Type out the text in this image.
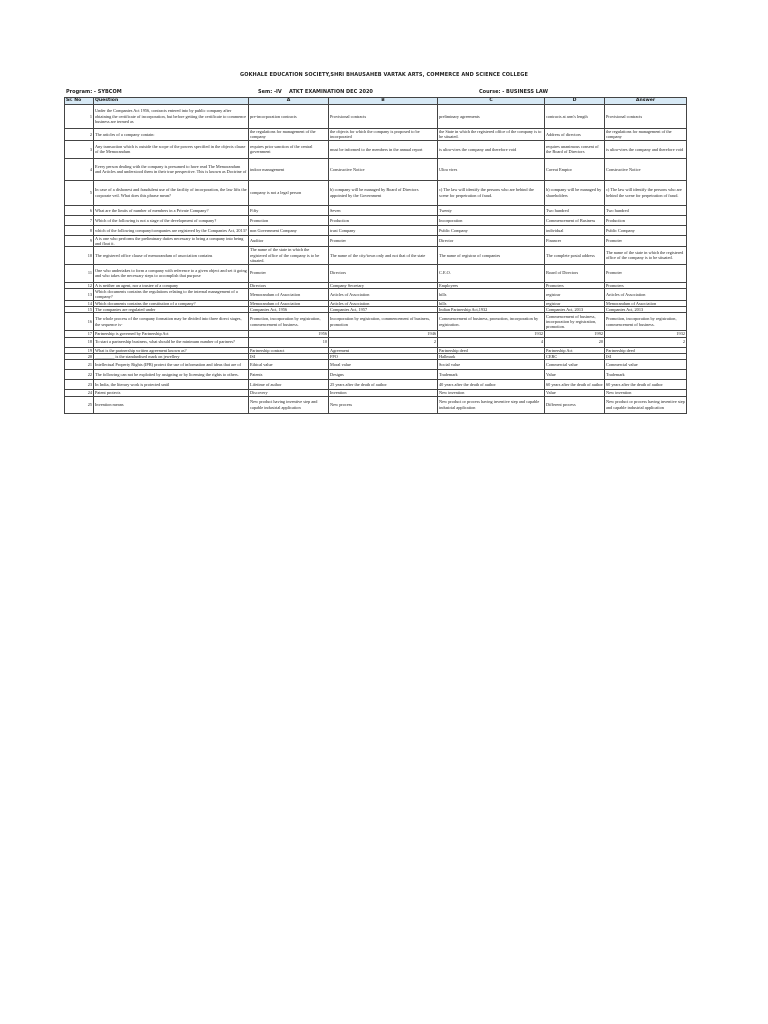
GOKHALE EDUCATION SOCIETY,SHRI BHAUSAHEB VARTAK ARTS, COMMERCE AND SCIENCE COLLEGE
Program: - SYBCOM	Sem: -IV ATKT EXAMINATION DEC 2020	Course: - BUSINESS LAW
Sr. No	Question	A	B	C	D	Answer
1	Under the Companies Act 1956, contracts entered into by public company after obtaining the certificate of incorporation, but before getting the certificate to commence business are termed as	pre-incorporation contracts	Provisional contracts	preliminary agreements	contracts at arm's length	Provisional contracts
2	The articles of a company contain:	the regulations for management of the company	the objects for which the company is proposed to be incorporated	the State in which the registered office of the company is to be situated.	Address of directors	the regulations for management of the company
3	Any transaction which is outside the scope of the powers specified in the objects clause of the Memorandum	requires prior sanction of the central government	must be informed to the members in the annual report	is ultra-vires the company and therefore void	requires unanimous consent of the Board of Directors	is ultra-vires the company and therefore void
4	Every person dealing with the company is presumed to have read The Memorandum and Articles and understood them in their true perspective. This is known as Doctrine of	indoor management	Constructive Notice	Ultra vires	Caveat Emptor	Constructive Notice
5	In case of a dishonest and fraudulent use of the facility of incorporation, the law lifts the corporate veil. What does this phrase mean?	company is not a legal person	b) company will be managed by Board of Directors appointed by the Government	c) The law will identify the persons who are behind the scene for perpetration of fraud.	b) company will be managed by shareholders	c) The law will identify the persons who are behind the scene for perpetration of fraud.
6	What are the limits of number of members in a Private Company?	Fifty	Seven	Twenty	Two hundred	Two hundred
7	Which of the following is not a stage of the development of company?	Promotion	Production	Incorporation	Commencement of Business	Production
8	which of the following company/companies are registered by the Companies Act, 2013?	non Government Company	trust Company	Public Company	individual	Public Company
9	A is one who performs the preliminary duties necessary to bring a company into being and float it.	Auditor	Promoter	Director	Financer	Promoter
10	The registered office clause of memorandum of association contains	The name of the state in which the registered office of the company is to be situated.	The name of the city/town only and not that of the state	The name of registrar of companies	The complete postal address	The name of the state in which the registered office of the company is to be situated.
11	One who undertakes to form a company with reference to a given object and set it going and who takes the necessary steps to accomplish that purpose	Promoter	Directors	C.E.O.	Board of Directors	Promoter
12	A is neither an agent, nor a trustee of a company	Directors	Company Secretary	Employees	Promoters	Promoters
13	Which documents contains the regulations relating to the internal management of a company?	Memorandum of Association	Articles of Association	bills	registrar	Articles of Association
14	Which documents contains the constitution of a company?	Memorandum of Association	Articles of Association	bills	registrar	Memorandum of Association
15	The companies are regulated under	Companies Act, 1956	Companies Act, 1957	Indian Partnership Act,1932	Companies Act, 2013	Companies Act, 2013
16	The whole process of the company formation may be divided into three direct stages, the sequence is-	Promotion, incorporation by registration, commencement of business.	Incorporation by registration, commencement of business, promotion	Commencement of business, promotion, incorporation by registration.	Commencement of business, incorporation by registration, promotion.	Promotion, incorporation by registration, commencement of business.
17	Partnership is governed by Partnership Act	1956	1946	1932	1992	1932
18	To start a partnership business, what should be the minimum number of partners?	10	2	4	20	2
19	What is the partnership written agreement known as?	Partnership contract	Agreement	Partnership deed	Partnership Act	Partnership deed
20	_________ is the standardised mark on jewellery	ISI	FPO	Hallmark	CERC	ISI
21	Intellectual Property Rights (IPR) protect the use of information and ideas that are of	Ethical value	Moral value	Social value	Commercial value	Commercial value
22	The following can not be exploited by assigning or by licensing the rights to others.	Patents	Designs	Trademark	Value	Trademark
23	In India, the literary work is protected until	Lifetime of author	25 years after the death of author	40 years after the death of author	60 years after the death of author	60 years after the death of author
24	Patent protects	Discovery	Invention	New invention	Value	New invention
25	Invention means	New product having inventive step and capable industrial application	New process	New product or process having inventive step and capable industrial application	Different process	New product or process having inventive step and capable industrial application
